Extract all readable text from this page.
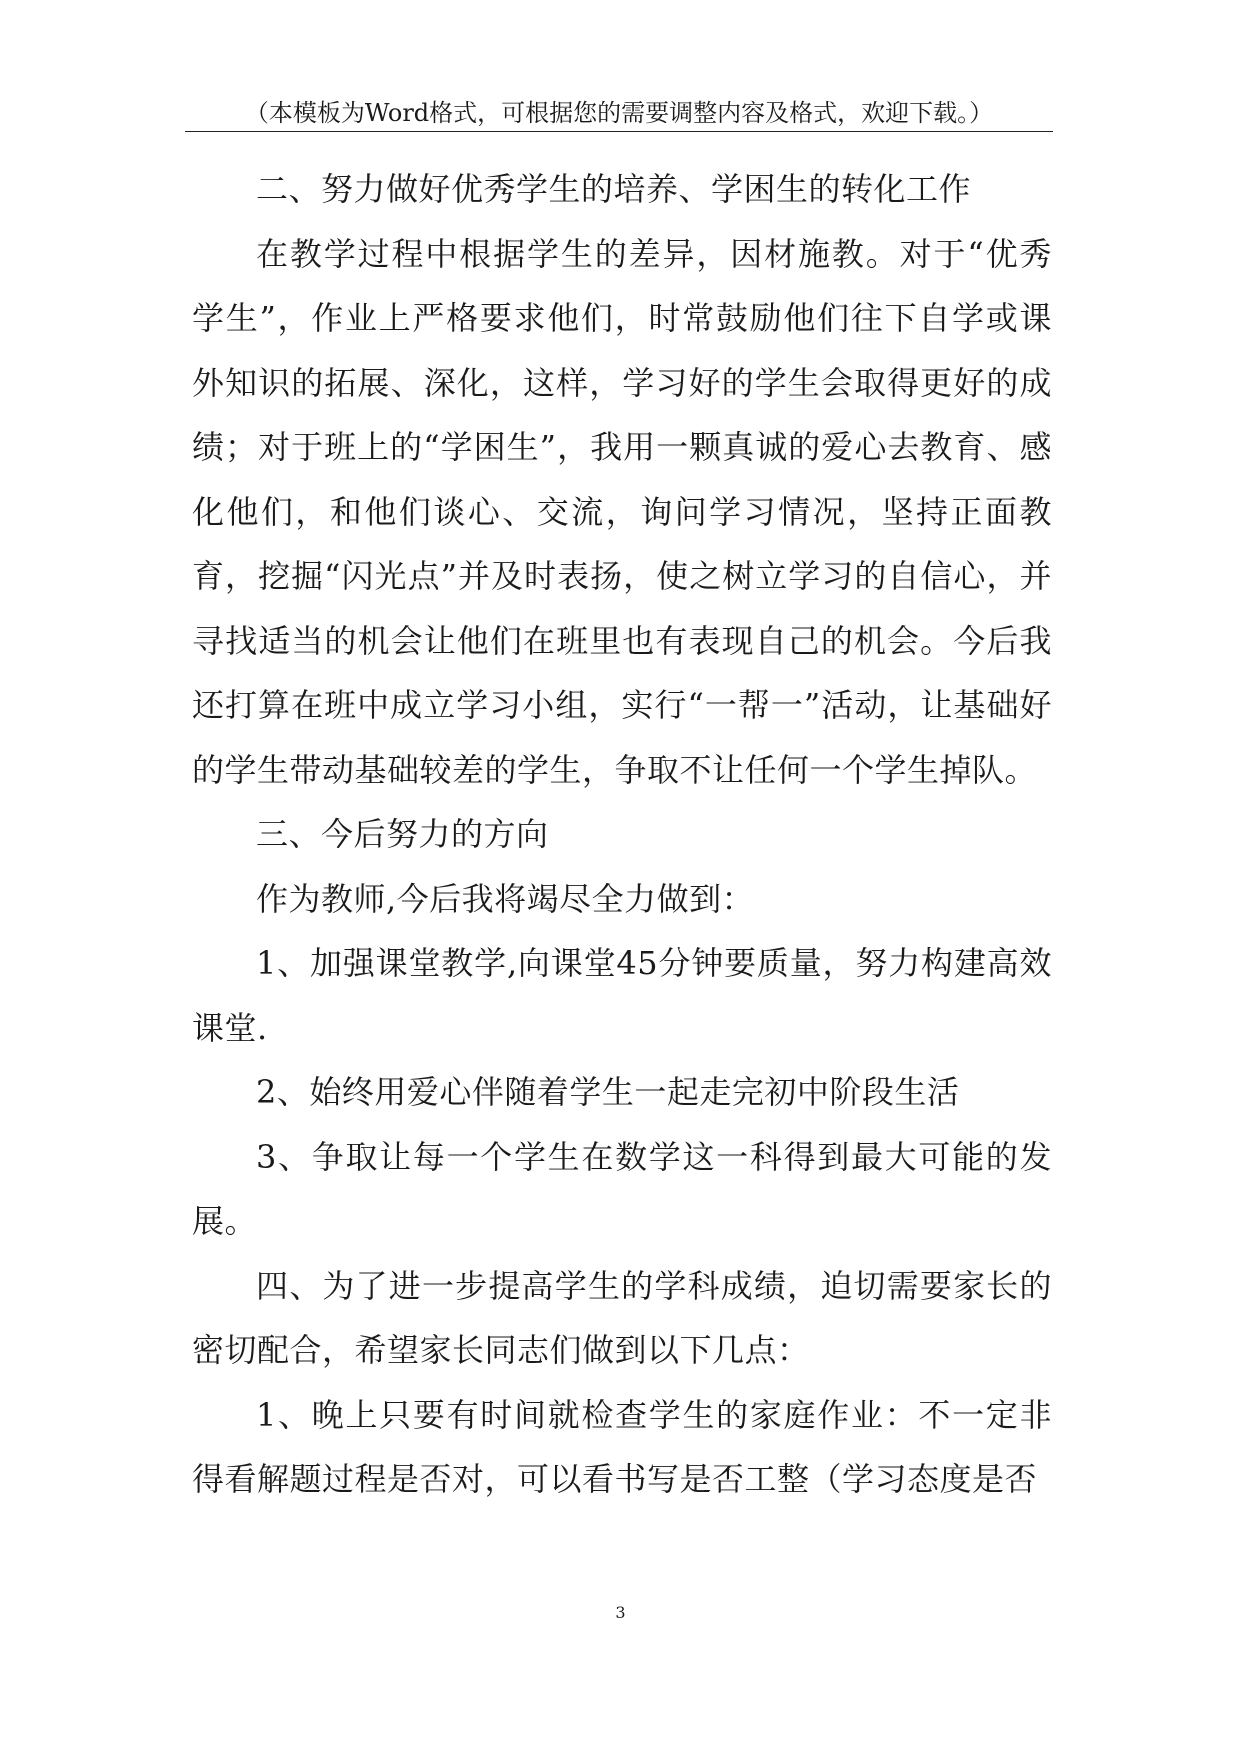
（本模板为Word格式，可根据您的需要调整内容及格式，欢迎下载。）

二、努力做好优秀学生的培养、学困生的转化工作

在教学过程中根据学生的差异，因材施教。对于“优秀学生”，作业上严格要求他们，时常鼓励他们往下自学或课外知识的拓展、深化，这样，学习好的学生会取得更好的成绩；对于班上的“学困生”，我用一颗真诚的爱心去教育、感化他们，和他们谈心、交流，询问学习情况，坚持正面教育，挖掘“闪光点”并及时表扬，使之树立学习的自信心，并寻找适当的机会让他们在班里也有表现自己的机会。今后我还打算在班中成立学习小组，实行“一帮一”活动，让基础好的学生带动基础较差的学生，争取不让任何一个学生掉队。

三、今后努力的方向

作为教师,今后我将竭尽全力做到：

1、加强课堂教学,向课堂45分钟要质量，努力构建高效课堂.

2、始终用爱心伴随着学生一起走完初中阶段生活

3、争取让每一个学生在数学这一科得到最大可能的发展。

四、为了进一步提高学生的学科成绩，迫切需要家长的密切配合，希望家长同志们做到以下几点：

1、晚上只要有时间就检查学生的家庭作业：不一定非得看解题过程是否对，可以看书写是否工整（学习态度是否

3
